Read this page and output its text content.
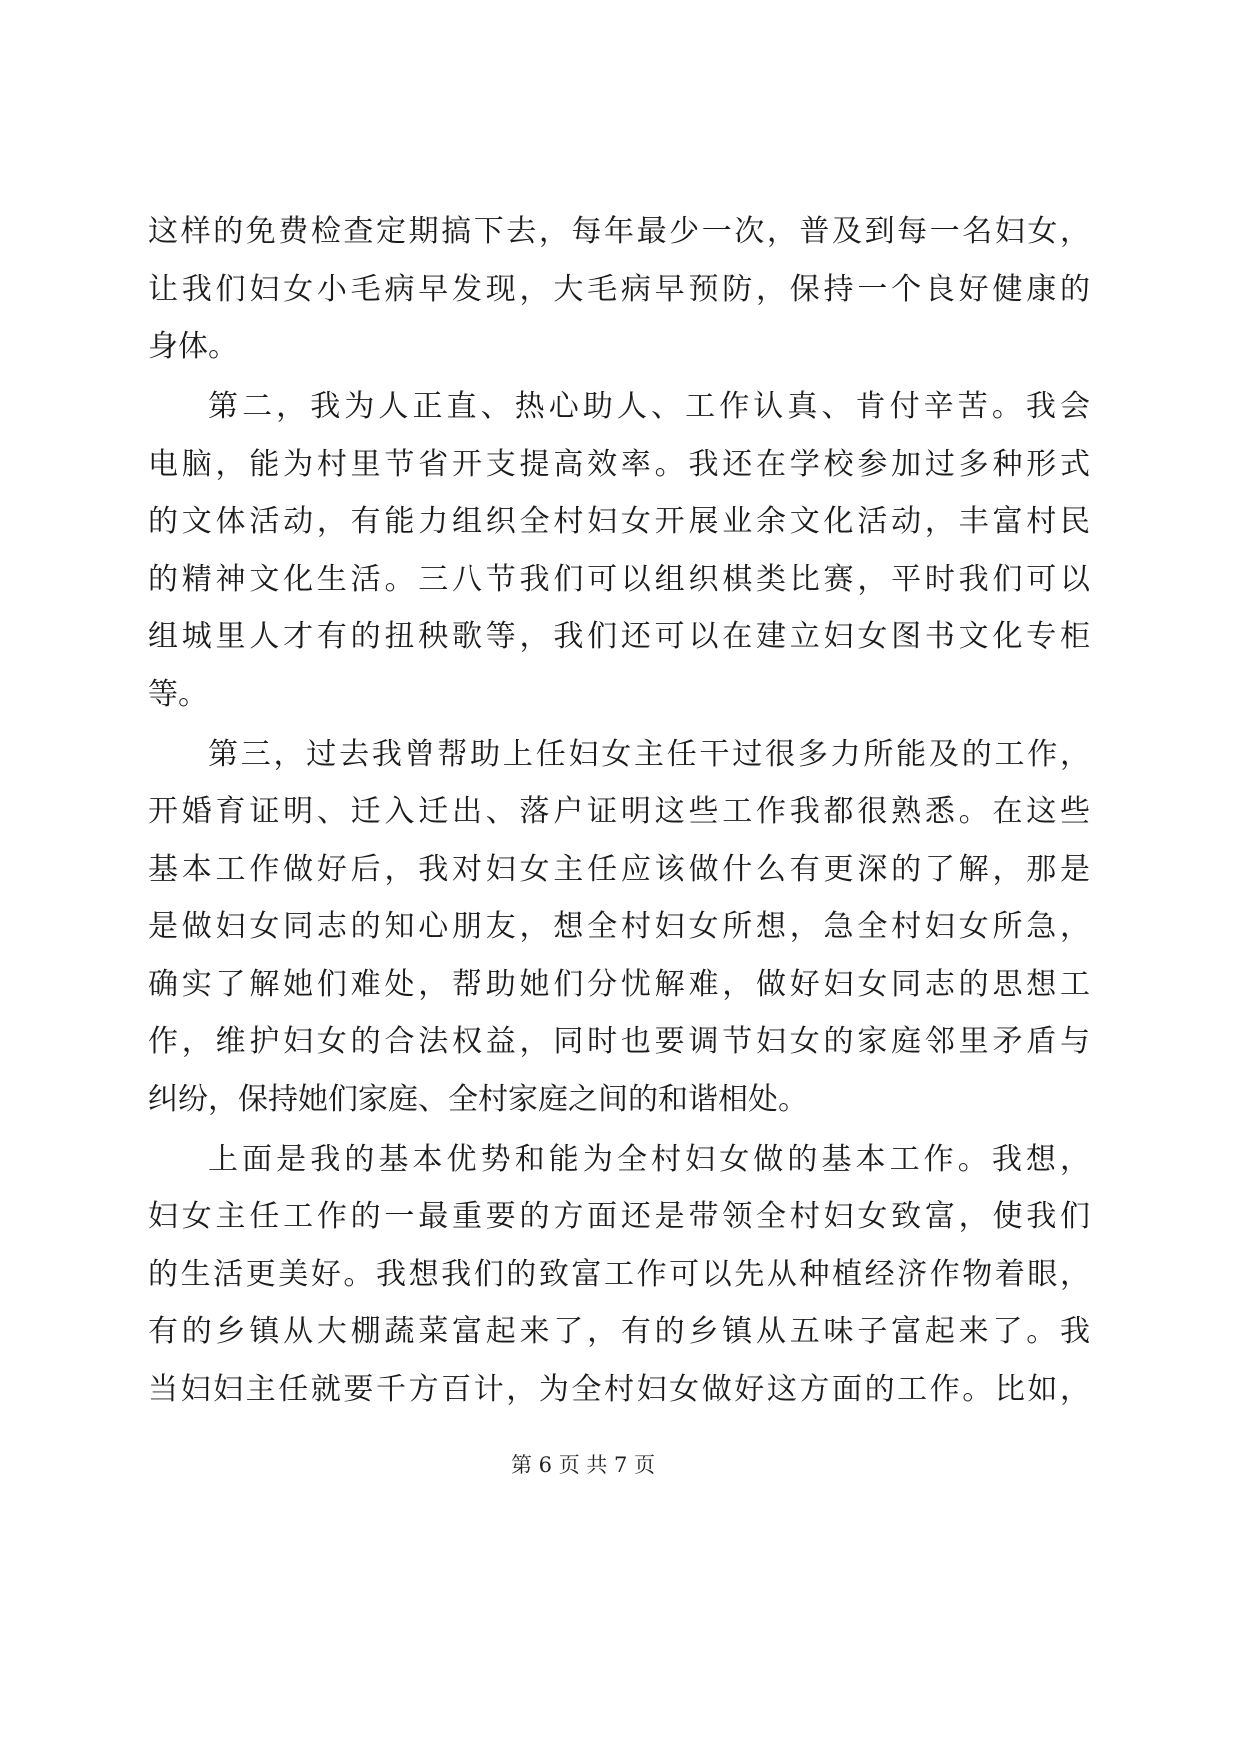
这样的免费检查定期搞下去，每年最少一次，普及到每一名妇女，
让我们妇女小毛病早发现，大毛病早预防，保持一个良好健康的
身体。
第二，我为人正直、热心助人、工作认真、肯付辛苦。我会
电脑，能为村里节省开支提高效率。我还在学校参加过多种形式
的文体活动，有能力组织全村妇女开展业余文化活动，丰富村民
的精神文化生活。三八节我们可以组织棋类比赛，平时我们可以
组城里人才有的扭秧歌等，我们还可以在建立妇女图书文化专柜
等。
第三，过去我曾帮助上任妇女主任干过很多力所能及的工作，
开婚育证明、迁入迁出、落户证明这些工作我都很熟悉。在这些
基本工作做好后，我对妇女主任应该做什么有更深的了解，那是
是做妇女同志的知心朋友，想全村妇女所想，急全村妇女所急，
确实了解她们难处，帮助她们分忧解难，做好妇女同志的思想工
作，维护妇女的合法权益，同时也要调节妇女的家庭邻里矛盾与
纠纷，保持她们家庭、全村家庭之间的和谐相处。
上面是我的基本优势和能为全村妇女做的基本工作。我想，
妇女主任工作的一最重要的方面还是带领全村妇女致富，使我们
的生活更美好。我想我们的致富工作可以先从种植经济作物着眼，
有的乡镇从大棚蔬菜富起来了，有的乡镇从五味子富起来了。我
当妇妇主任就要千方百计，为全村妇女做好这方面的工作。比如，
第 6 页 共 7 页
